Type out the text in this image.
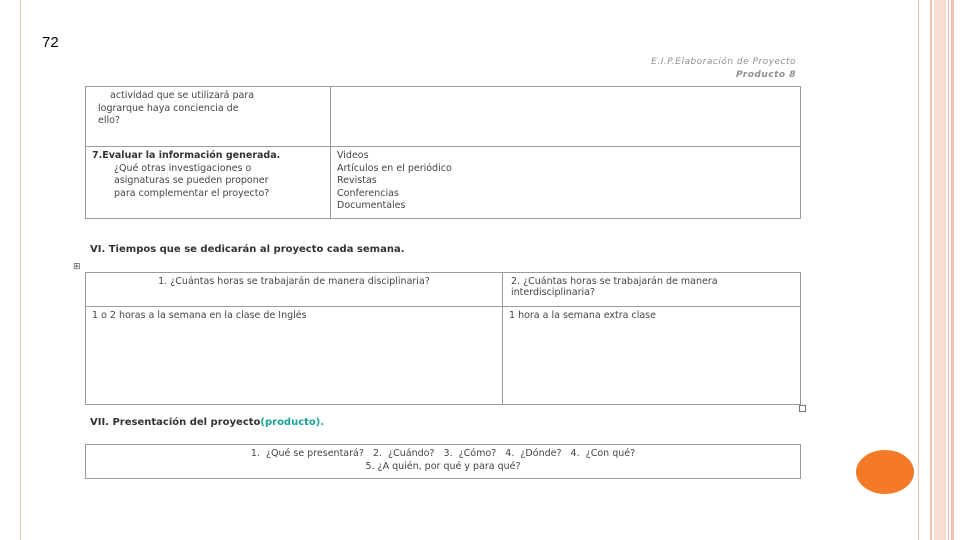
72
E.I.P.Elaboración de Proyecto
Producto 8
actividad que se utilizará para
lograrque haya conciencia de
ello?	

7.Evaluar la información generada.
¿Qué otras investigaciones o
asignaturas se pueden proponer
para complementar el proyecto?	Videos
Artículos en el periódico
Revistas
Conferencias
Documentales
VI. Tiempos que se dedicarán al proyecto cada semana.
⊞
1. ¿Cuántas horas se trabajarán de manera disciplinaria?	2. ¿Cuántas horas se trabajarán de manera interdisciplinaria?
1 o 2 horas a la semana en la clase de Inglés	1 hora a la semana extra clase
VII. Presentación del proyecto(producto).
1.  ¿Qué se presentará?   2.  ¿Cuándo?   3.  ¿Cómo?   4.  ¿Dónde?   4.  ¿Con qué?
5. ¿A quién, por qué y para qué?
